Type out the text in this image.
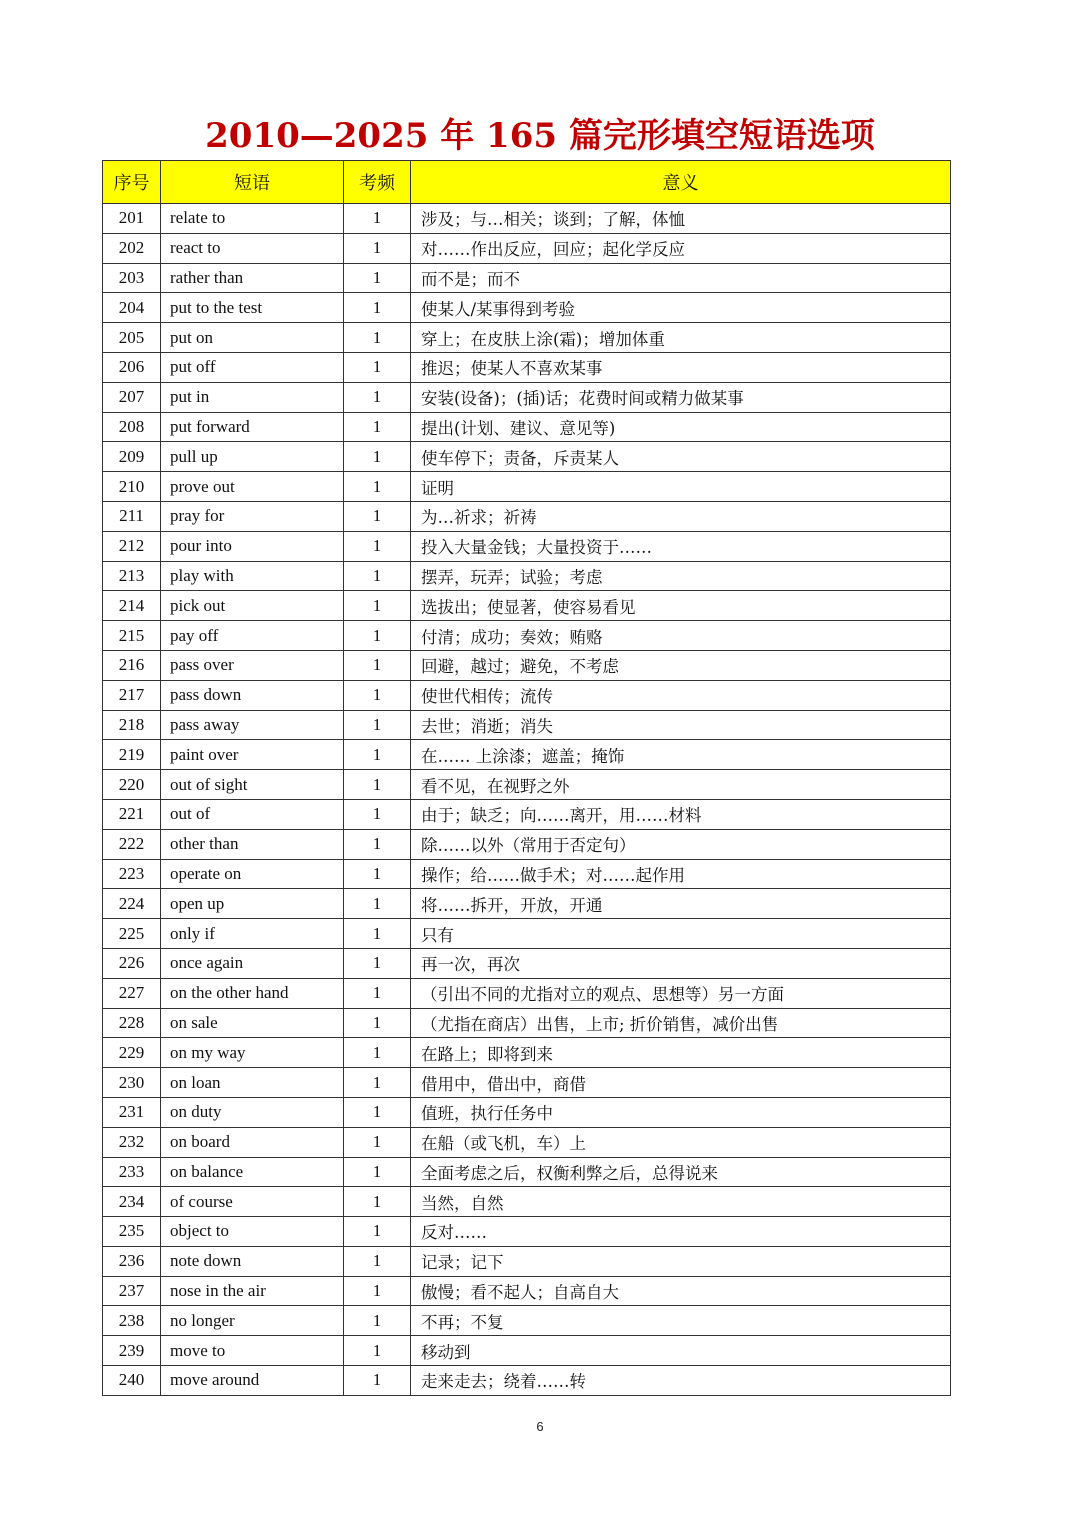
2010—2025 年 165 篇完形填空短语选项
序号	短语	考频	意义
201	relate to	1	涉及；与…相关；谈到；了解，体恤
202	react to	1	对……作出反应，回应；起化学反应
203	rather than	1	而不是；而不
204	put to the test	1	使某人/某事得到考验
205	put on	1	穿上；在皮肤上涂(霜)；增加体重
206	put off	1	推迟；使某人不喜欢某事
207	put in	1	安装(设备)；(插)话；花费时间或精力做某事
208	put forward	1	提出(计划、建议、意见等)
209	pull up	1	使车停下；责备，斥责某人
210	prove out	1	证明
211	pray for	1	为…祈求；祈祷
212	pour into	1	投入大量金钱；大量投资于……
213	play with	1	摆弄，玩弄；试验；考虑
214	pick out	1	选拔出；使显著，使容易看见
215	pay off	1	付清；成功；奏效；贿赂
216	pass over	1	回避，越过；避免，不考虑
217	pass down	1	使世代相传；流传
218	pass away	1	去世；消逝；消失
219	paint over	1	在…… 上涂漆；遮盖；掩饰
220	out of sight	1	看不见，在视野之外
221	out of	1	由于；缺乏；向……离开，用……材料
222	other than	1	除……以外（常用于否定句）
223	operate on	1	操作；给……做手术；对……起作用
224	open up	1	将……拆开，开放，开通
225	only if	1	只有
226	once again	1	再一次，再次
227	on the other hand	1	（引出不同的尤指对立的观点、思想等）另一方面
228	on sale	1	（尤指在商店）出售，上市; 折价销售，减价出售
229	on my way	1	在路上；即将到来
230	on loan	1	借用中，借出中，商借
231	on duty	1	值班，执行任务中
232	on board	1	在船（或飞机，车）上
233	on balance	1	全面考虑之后，权衡利弊之后，总得说来
234	of course	1	当然，自然
235	object to	1	反对……
236	note down	1	记录；记下
237	nose in the air	1	傲慢；看不起人；自高自大
238	no longer	1	不再；不复
239	move to	1	移动到
240	move around	1	走来走去；绕着……转
6
